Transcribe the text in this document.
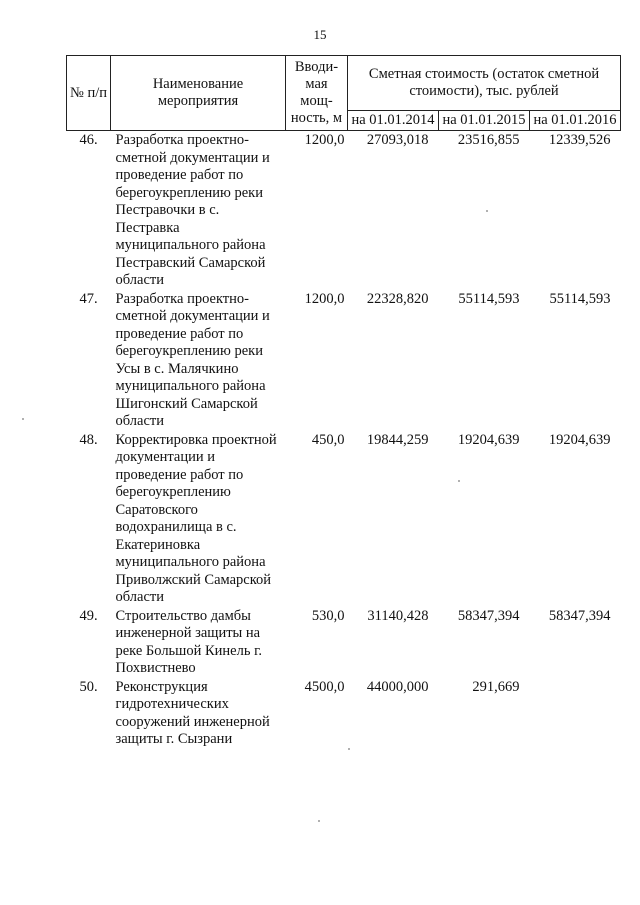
15
№ п/п	Наименование мероприятия	Вводи-мая мощ-ность, м	Сметная стоимость (остаток сметной стоимости), тыс. рублей		
			на 01.01.2014	на 01.01.2015	на 01.01.2016
46.	Разработка проектно-сметной документации и проведение работ по берегоукреплению реки Пестравочки в с. Пестравка муниципального района Пестравский Самарской области	1200,0	27093,018	23516,855	12339,526
47.	Разработка проектно-сметной документации и проведение работ по берегоукреплению реки Усы в с. Малячкино муниципального района Шигонский Самарской области	1200,0	22328,820	55114,593	55114,593
48.	Корректировка проектной документации и проведение работ по берегоукреплению Саратовского водохранилища в с. Екатериновка муниципального района Приволжский Самарской области	450,0	19844,259	19204,639	19204,639
49.	Строительство дамбы инженерной защиты на реке Большой Кинель г. Похвистнево	530,0	31140,428	58347,394	58347,394
50.	Реконструкция гидротехнических сооружений инженерной защиты г. Сызрани	4500,0	44000,000	291,669	
